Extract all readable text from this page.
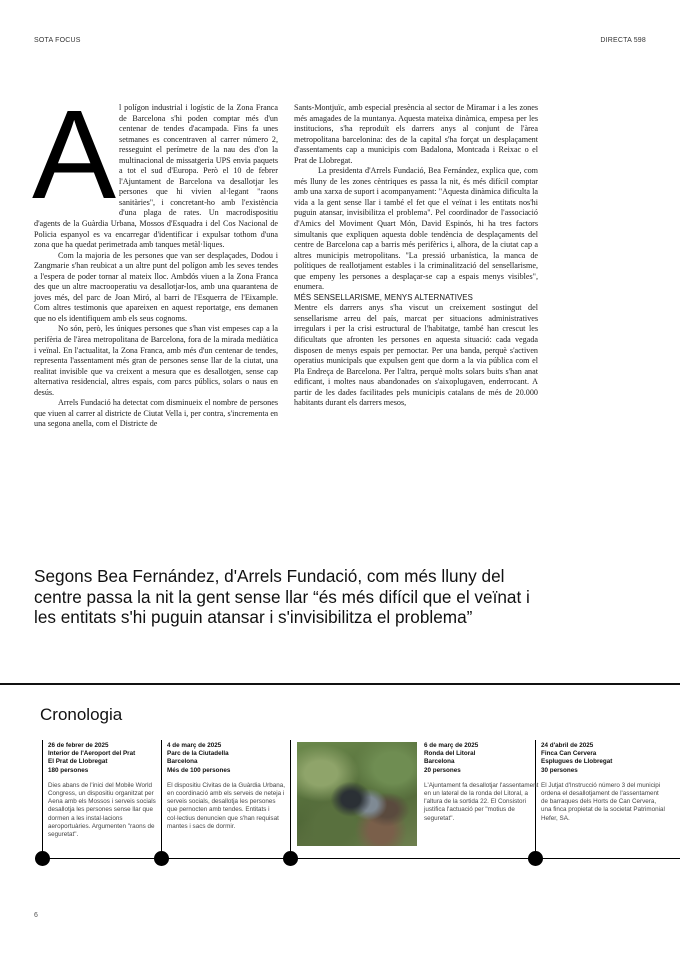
SOTA FOCUS	DIRECTA 598
A l polígon industrial i logístic de la Zona Franca de Barcelona s'hi poden comptar més d'un centenar de tendes d'acampada. Fins fa unes setmanes es concentraven al carrer número 2, resseguint el perímetre de la nau des d'on la multinacional de missatgeria UPS envia paquets a tot el sud d'Europa. Però el 10 de febrer l'Ajuntament de Barcelona va desallotjar les persones que hi vivien al·legant "raons sanitàries", i concretant-ho amb l'existència d'una plaga de rates. Un macrodispositiu d'agents de la Guàrdia Urbana, Mossos d'Esquadra i del Cos Nacional de Policia espanyol es va encarregar d'identificar i expulsar tothom d'una zona que ha quedat perimetrada amb tanques metàl·liques.

Com la majoria de les persones que van ser desplaçades, Dodou i Zangmarie s'han reubicat a un altre punt del polígon amb les seves tendes a l'espera de poder tornar al mateix lloc. Ambdós viuen a la Zona Franca des que un altre macrooperatiu va desallotjar-los, amb una quarantena de joves més, del parc de Joan Miró, al barri de l'Esquerra de l'Eixample. Com altres testimonis que apareixen en aquest reportatge, ens demanen que no els identifiquem amb els seus cognoms.

No són, però, les úniques persones que s'han vist empeses cap a la perifèria de l'àrea metropolitana de Barcelona, fora de la mirada mediàtica i veïnal. En l'actualitat, la Zona Franca, amb més d'un centenar de tendes, representa l'assentament més gran de persones sense llar de la ciutat, una realitat invisible que va creixent a mesura que es desallotgen, sense cap alternativa residencial, altres espais, com parcs públics, solars o naus en desús.

Arrels Fundació ha detectat com disminueix el nombre de persones que viuen al carrer al districte de Ciutat Vella i, per contra, s'incrementa en una segona anella, com el Districte de

Sants-Montjuïc, amb especial presència al sector de Miramar i a les zones més amagades de la muntanya. Aquesta mateixa dinàmica, empesa per les institucions, s'ha reproduït els darrers anys al conjunt de l'àrea metropolitana barcelonina: des de la capital s'ha forçat un desplaçament d'assentaments cap a municipis com Badalona, Montcada i Reixac o el Prat de Llobregat.

La presidenta d'Arrels Fundació, Bea Fernández, explica que, com més lluny de les zones cèntriques es passa la nit, és més difícil comptar amb una xarxa de suport i acompanyament: "Aquesta dinàmica dificulta la vida a la gent sense llar i també el fet que el veïnat i les entitats nos'hi puguin atansar, invisibilitza el problema". Pel coordinador de l'associació d'Amics del Moviment Quart Món, David Espinós, hi ha tres factors simultanis que expliquen aquesta doble tendència de desplaçaments del centre de Barcelona cap a barris més perifèrics i, alhora, de la ciutat cap a altres municipis metropolitans. "La pressió urbanística, la manca de polítiques de reallotjament estables i la criminalització del sensellarisme, que empeny les persones a desplaçar-se cap a espais menys visibles", enumera.

MÉS SENSELLARISME, MENYS ALTERNATIVES

Mentre els darrers anys s'ha viscut un creixement sostingut del sensellarisme arreu del país, marcat per situacions administratives irregulars i per la crisi estructural de l'habitatge, també han crescut les dificultats que afronten les persones en aquesta situació: cada vegada disposen de menys espais per pernoctar. Per una banda, perquè s'activen operatius municipals que expulsen gent que dorm a la via pública com el Pla Endreça de Barcelona. Per l'altra, perquè molts solars buits s'han anat edificant, i moltes naus abandonades on s'aixoplugaven, enderrocant. A partir de les dades facilitades pels municipis catalans de més de 20.000 habitants durant els darrers mesos,

Segons Bea Fernández, d'Arrels Fundació, com més lluny del centre passa la nit la gent sense llar “és més difícil que el veïnat i les entitats s'hi puguin atansar i s'invisibilitza el problema”
Cronologia
26 de febrer de 2025
Interior de l'Aeroport del Prat
El Prat de Llobregat
180 persones
Dies abans de l'inici del Mobile World Congress, un dispositiu organitzat per Aena amb els Mossos i serveis socials desallotja les persones sense llar que dormen a les instal·lacions aeroportuàries. Argumenten "raons de seguretat".
4 de març de 2025
Parc de la Ciutadella
Barcelona
Més de 100 persones
El dispositiu Civitas de la Guàrdia Urbana, en coordinació amb els serveis de neteja i serveis socials, desallotja les persones que pernocten amb tendes. Entitats i col·lectius denuncien que s'han requisat mantes i sacs de dormir.
6 de març de 2025
Ronda del Litoral
Barcelona
20 persones
L'Ajuntament fa desallotjar l'assentament en un lateral de la ronda del Litoral, a l'altura de la sortida 22. El Consistori justifica l'actuació per "motius de seguretat".
24 d'abril de 2025
Finca Can Cervera
Esplugues de Llobregat
30 persones
El Jutjat d'Instrucció número 3 del municipi ordena el desallotjament de l'assentament de barraques dels Horts de Can Cervera, una finca propietat de la societat Patrimonial Hefer, SA.
6
